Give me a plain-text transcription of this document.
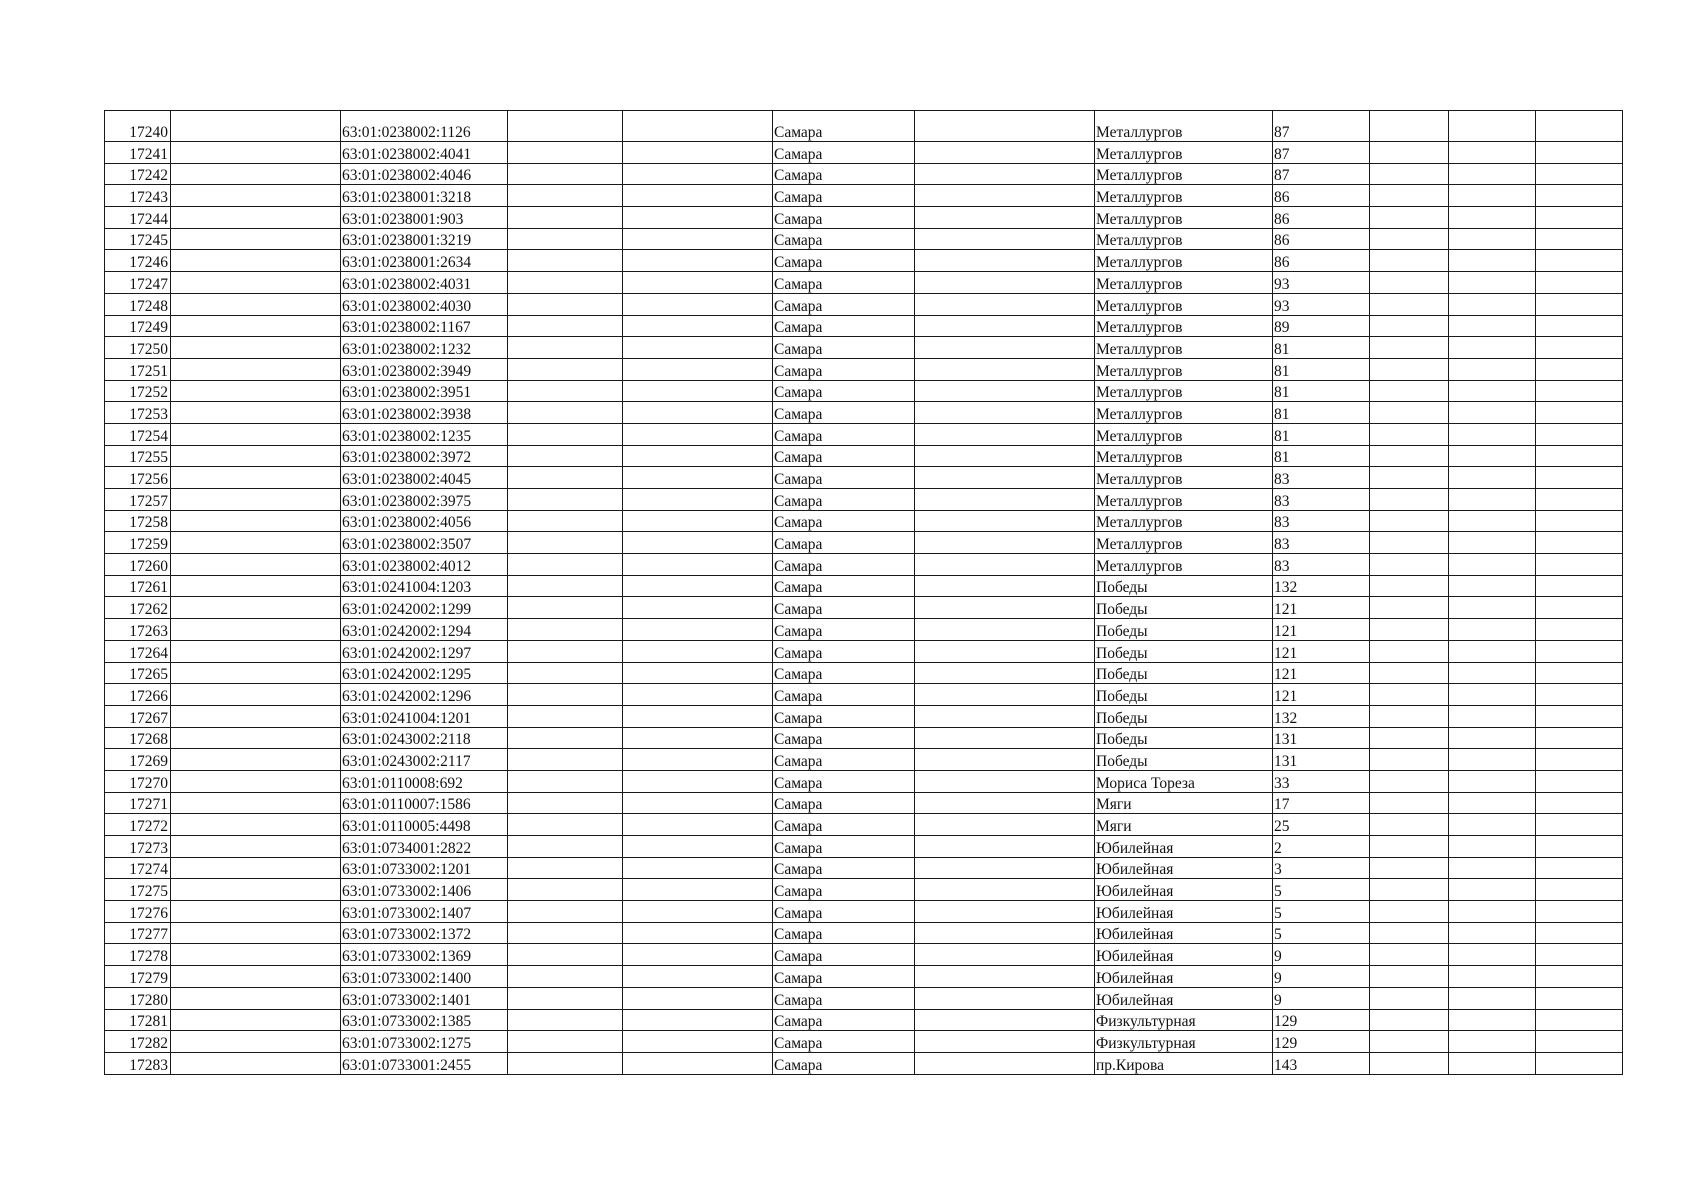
17240		63:01:0238002:1126			Самара		Металлургов	87			
17241		63:01:0238002:4041			Самара		Металлургов	87			
17242		63:01:0238002:4046			Самара		Металлургов	87			
17243		63:01:0238001:3218			Самара		Металлургов	86			
17244		63:01:0238001:903			Самара		Металлургов	86			
17245		63:01:0238001:3219			Самара		Металлургов	86			
17246		63:01:0238001:2634			Самара		Металлургов	86			
17247		63:01:0238002:4031			Самара		Металлургов	93			
17248		63:01:0238002:4030			Самара		Металлургов	93			
17249		63:01:0238002:1167			Самара		Металлургов	89			
17250		63:01:0238002:1232			Самара		Металлургов	81			
17251		63:01:0238002:3949			Самара		Металлургов	81			
17252		63:01:0238002:3951			Самара		Металлургов	81			
17253		63:01:0238002:3938			Самара		Металлургов	81			
17254		63:01:0238002:1235			Самара		Металлургов	81			
17255		63:01:0238002:3972			Самара		Металлургов	81			
17256		63:01:0238002:4045			Самара		Металлургов	83			
17257		63:01:0238002:3975			Самара		Металлургов	83			
17258		63:01:0238002:4056			Самара		Металлургов	83			
17259		63:01:0238002:3507			Самара		Металлургов	83			
17260		63:01:0238002:4012			Самара		Металлургов	83			
17261		63:01:0241004:1203			Самара		Победы	132			
17262		63:01:0242002:1299			Самара		Победы	121			
17263		63:01:0242002:1294			Самара		Победы	121			
17264		63:01:0242002:1297			Самара		Победы	121			
17265		63:01:0242002:1295			Самара		Победы	121			
17266		63:01:0242002:1296			Самара		Победы	121			
17267		63:01:0241004:1201			Самара		Победы	132			
17268		63:01:0243002:2118			Самара		Победы	131			
17269		63:01:0243002:2117			Самара		Победы	131			
17270		63:01:0110008:692			Самара		Мориса Тореза	33			
17271		63:01:0110007:1586			Самара		Мяги	17			
17272		63:01:0110005:4498			Самара		Мяги	25			
17273		63:01:0734001:2822			Самара		Юбилейная	2			
17274		63:01:0733002:1201			Самара		Юбилейная	3			
17275		63:01:0733002:1406			Самара		Юбилейная	5			
17276		63:01:0733002:1407			Самара		Юбилейная	5			
17277		63:01:0733002:1372			Самара		Юбилейная	5			
17278		63:01:0733002:1369			Самара		Юбилейная	9			
17279		63:01:0733002:1400			Самара		Юбилейная	9			
17280		63:01:0733002:1401			Самара		Юбилейная	9			
17281		63:01:0733002:1385			Самара		Физкультурная	129			
17282		63:01:0733002:1275			Самара		Физкультурная	129			
17283		63:01:0733001:2455			Самара		пр.Кирова	143			
